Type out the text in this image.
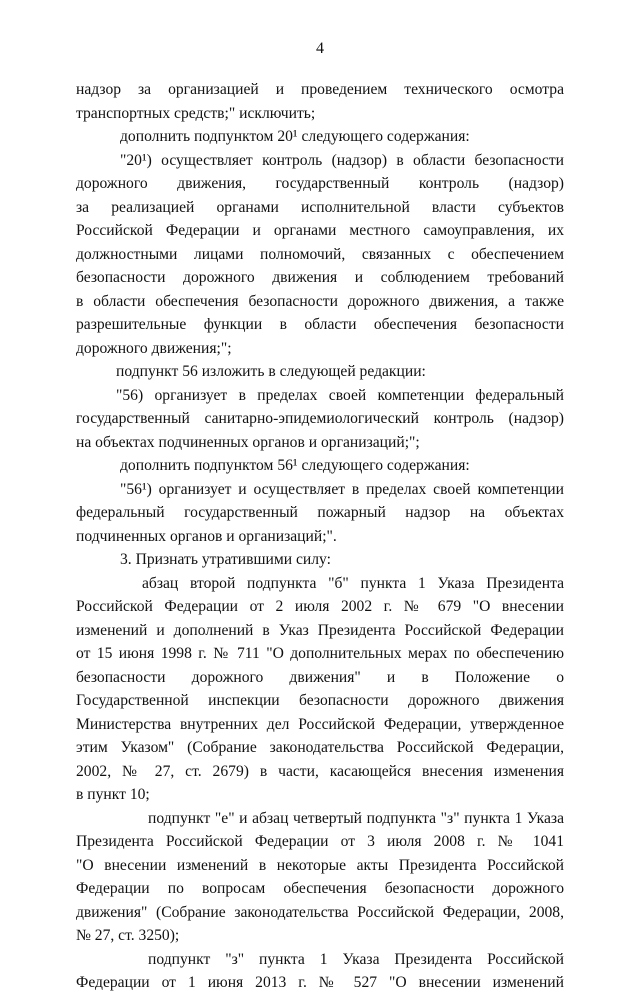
4
надзор за организацией и проведением технического осмотра
транспортных средств;" исключить;
дополнить подпунктом 20¹ следующего содержания:
"20¹) осуществляет контроль (надзор) в области безопасности
дорожного движения, государственный контроль (надзор)
за реализацией органами исполнительной власти субъектов
Российской Федерации и органами местного самоуправления, их
должностными лицами полномочий, связанных с обеспечением
безопасности дорожного движения и соблюдением требований
в области обеспечения безопасности дорожного движения, а также
разрешительные функции в области обеспечения безопасности
дорожного движения;";
подпункт 56 изложить в следующей редакции:
"56) организует в пределах своей компетенции федеральный
государственный санитарно-эпидемиологический контроль (надзор)
на объектах подчиненных органов и организаций;";
дополнить подпунктом 56¹ следующего содержания:
"56¹) организует и осуществляет в пределах своей компетенции
федеральный государственный пожарный надзор на объектах
подчиненных органов и организаций;".
3. Признать утратившими силу:
абзац второй подпункта "б" пункта 1 Указа Президента
Российской Федерации от 2 июля 2002 г. № 679 "О внесении
изменений и дополнений в Указ Президента Российской Федерации
от 15 июня 1998 г. № 711 "О дополнительных мерах по обеспечению
безопасности дорожного движения" и в Положение о
Государственной инспекции безопасности дорожного движения
Министерства внутренних дел Российской Федерации, утвержденное
этим Указом" (Собрание законодательства Российской Федерации,
2002, № 27, ст. 2679) в части, касающейся внесения изменения
в пункт 10;
подпункт "е" и абзац четвертый подпункта "з" пункта 1 Указа
Президента Российской Федерации от 3 июля 2008 г. № 1041
"О внесении изменений в некоторые акты Президента Российской
Федерации по вопросам обеспечения безопасности дорожного
движения" (Собрание законодательства Российской Федерации, 2008,
№ 27, ст. 3250);
подпункт "з" пункта 1 Указа Президента Российской
Федерации от 1 июня 2013 г. № 527 "О внесении изменений
